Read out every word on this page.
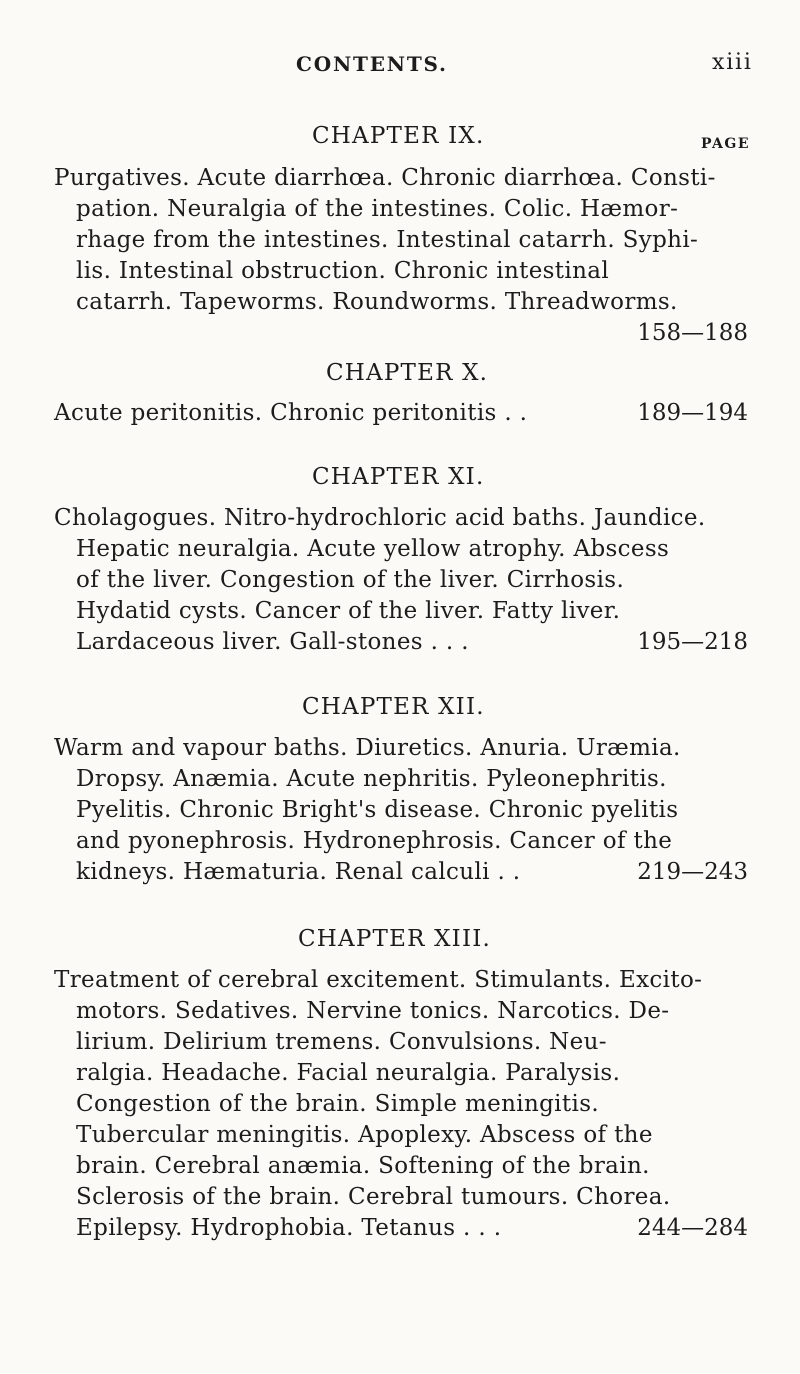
CONTENTS.	xiii
PAGE
CHAPTER IX.
Purgatives. Acute diarrhœa. Chronic diarrhœa. Consti-
pation. Neuralgia of the intestines. Colic. Hæmor-
rhage from the intestines. Intestinal catarrh. Syphi-
lis. Intestinal obstruction. Chronic intestinal
catarrh. Tapeworms. Roundworms. Threadworms.
158—188
CHAPTER X.
Acute peritonitis. Chronic peritonitis . .	189—194
CHAPTER XI.
Cholagogues. Nitro-hydrochloric acid baths. Jaundice.
Hepatic neuralgia. Acute yellow atrophy. Abscess
of the liver. Congestion of the liver. Cirrhosis.
Hydatid cysts. Cancer of the liver. Fatty liver.
Lardaceous liver. Gall-stones . . .	195—218
CHAPTER XII.
Warm and vapour baths. Diuretics. Anuria. Uræmia.
Dropsy. Anæmia. Acute nephritis. Pyleonephritis.
Pyelitis. Chronic Bright's disease. Chronic pyelitis
and pyonephrosis. Hydronephrosis. Cancer of the
kidneys. Hæmaturia. Renal calculi . .	219—243
CHAPTER XIII.
Treatment of cerebral excitement. Stimulants. Excito-
motors. Sedatives. Nervine tonics. Narcotics. De-
lirium. Delirium tremens. Convulsions. Neu-
ralgia. Headache. Facial neuralgia. Paralysis.
Congestion of the brain. Simple meningitis.
Tubercular meningitis. Apoplexy. Abscess of the
brain. Cerebral anæmia. Softening of the brain.
Sclerosis of the brain. Cerebral tumours. Chorea.
Epilepsy. Hydrophobia. Tetanus . . .	244—284
